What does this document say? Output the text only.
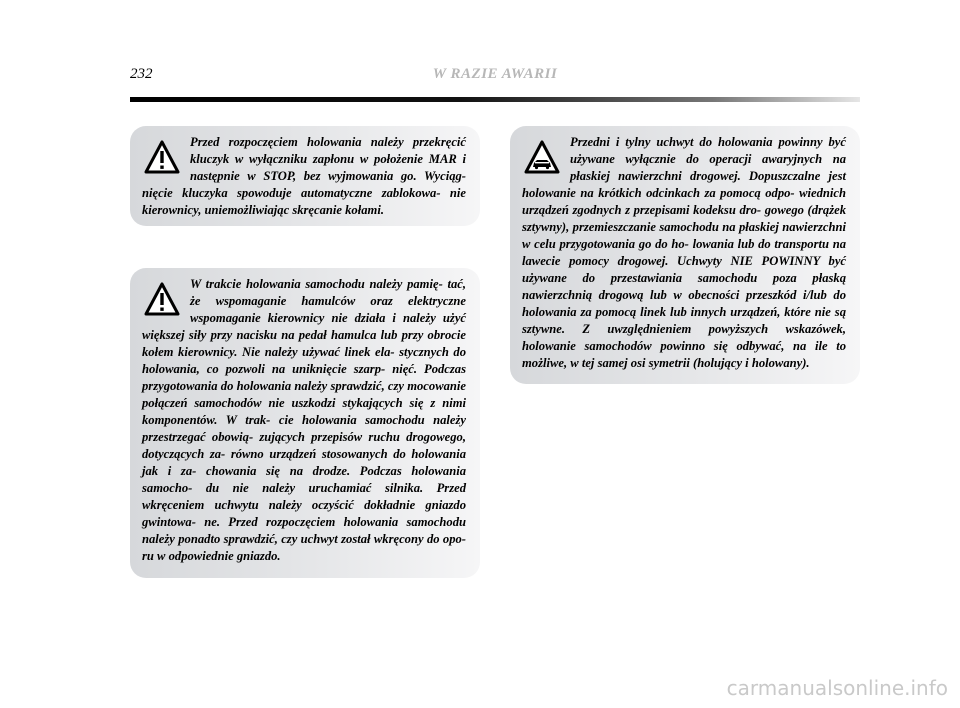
232	W RAZIE AWARII

Przed rozpoczęciem holowania należy przekręcić kluczyk w wyłączniku zapłonu w położenie MAR i następnie w STOP, bez wyjmowania go. Wyciąg- nięcie kluczyka spowoduje automatyczne zablokowa- nie kierownicy, uniemożliwiając skręcanie kołami.

W trakcie holowania samochodu należy pamię- tać, że wspomaganie hamulców oraz elektryczne wspomaganie kierownicy nie działa i należy użyć większej siły przy nacisku na pedał hamulca lub przy obrocie kołem kierownicy. Nie należy używać linek ela- stycznych do holowania, co pozwoli na uniknięcie szarp- nięć. Podczas przygotowania do holowania należy sprawdzić, czy mocowanie połączeń samochodów nie uszkodzi stykających się z nimi komponentów. W trak- cie holowania samochodu należy przestrzegać obowią- zujących przepisów ruchu drogowego, dotyczących za- równo urządzeń stosowanych do holowania jak i za- chowania się na drodze. Podczas holowania samocho- du nie należy uruchamiać silnika. Przed wkręceniem uchwytu należy oczyścić dokładnie gniazdo gwintowa- ne. Przed rozpoczęciem holowania samochodu należy ponadto sprawdzić, czy uchwyt został wkręcony do opo- ru w odpowiednie gniazdo.

Przedni i tylny uchwyt do holowania powinny być używane wyłącznie do operacji awaryjnych na płaskiej nawierzchni drogowej. Dopuszczalne jest holowanie na krótkich odcinkach za pomocą odpo- wiednich urządzeń zgodnych z przepisami kodeksu dro- gowego (drążek sztywny), przemieszczanie samochodu na płaskiej nawierzchni w celu przygotowania go do ho- lowania lub do transportu na lawecie pomocy drogowej. Uchwyty NIE POWINNY być używane do przestawiania samochodu poza płaską nawierzchnią drogową lub w obecności przeszkód i/lub do holowania za pomocą linek lub innych urządzeń, które nie są sztywne. Z uwzględnieniem powyższych wskazówek, holowanie samochodów powinno się odbywać, na ile to możliwe, w tej samej osi symetrii (holujący i holowany).

carmanualsonline.info
